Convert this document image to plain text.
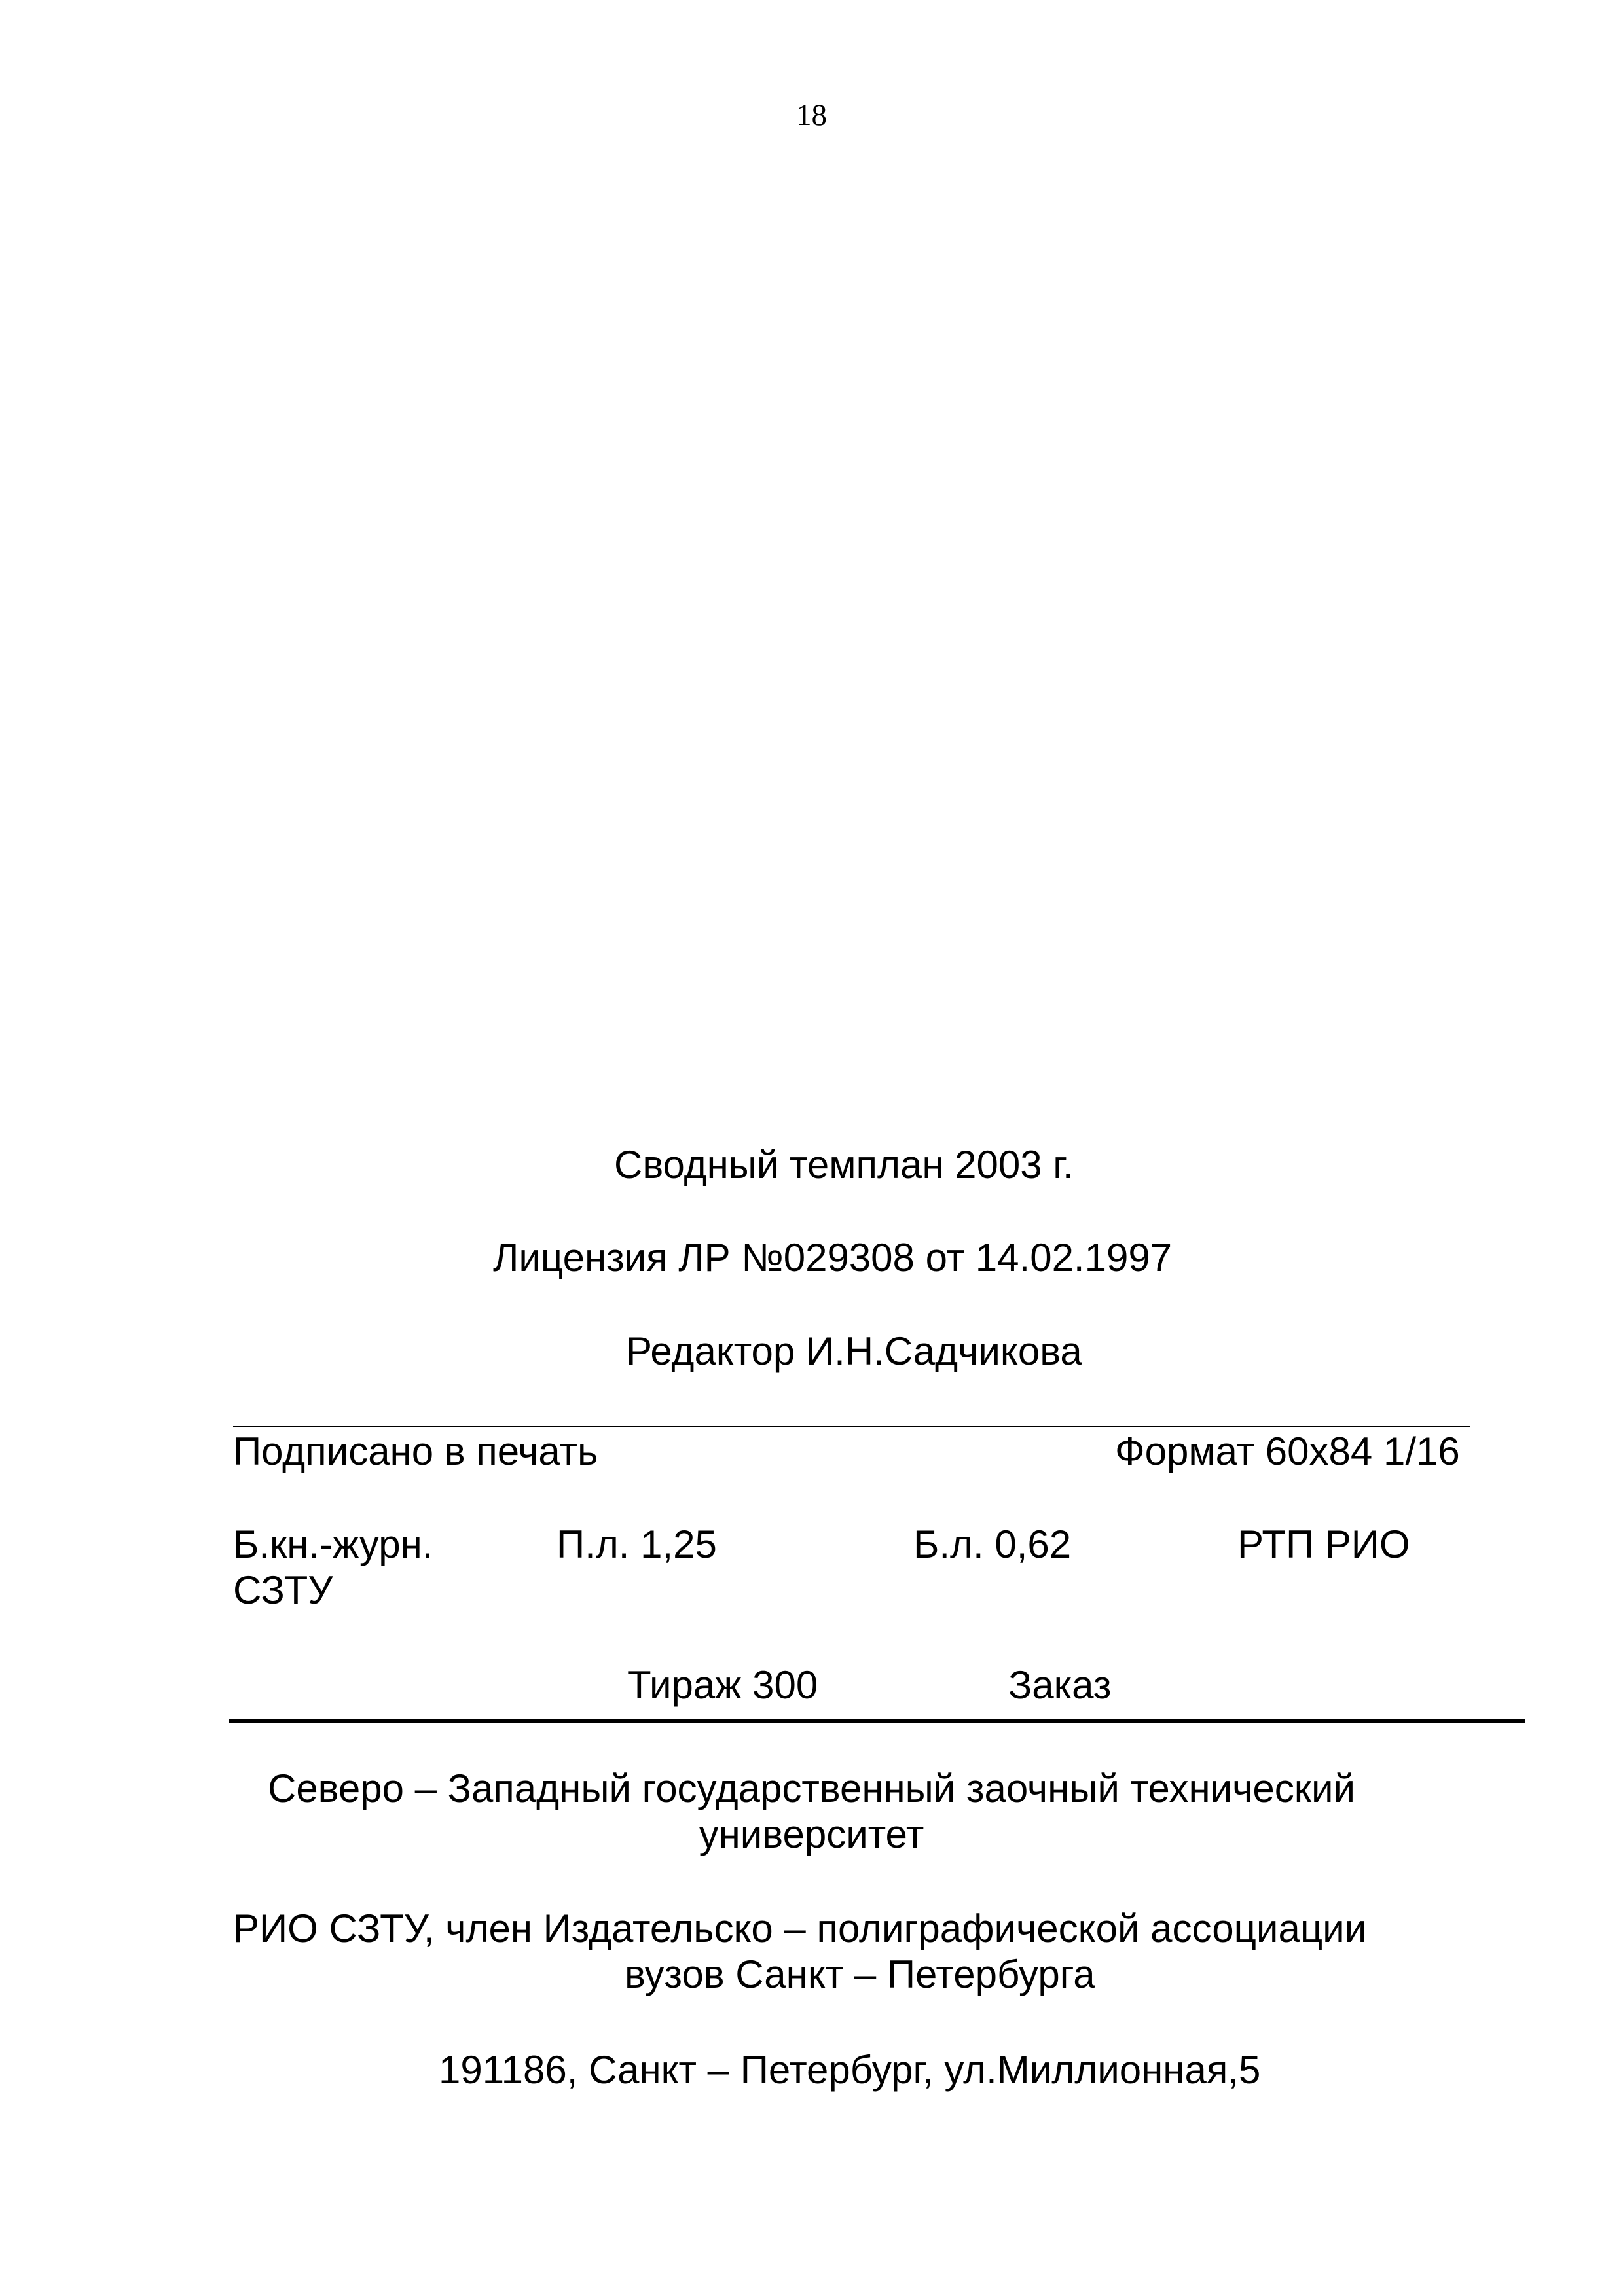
18
Сводный темплан 2003 г.
Лицензия ЛР №029308 от 14.02.1997
Редактор И.Н.Садчикова
Подписано в печать	Формат 60x84 1/16
Б.кн.-журн.	П.л. 1,25	Б.л. 0,62	РТП РИО
СЗТУ
Тираж 300	Заказ
Северо – Западный государственный заочный технический
университет
РИО СЗТУ, член Издательско – полиграфической ассоциации
вузов Санкт – Петербурга
191186, Санкт – Петербург, ул.Миллионная,5
